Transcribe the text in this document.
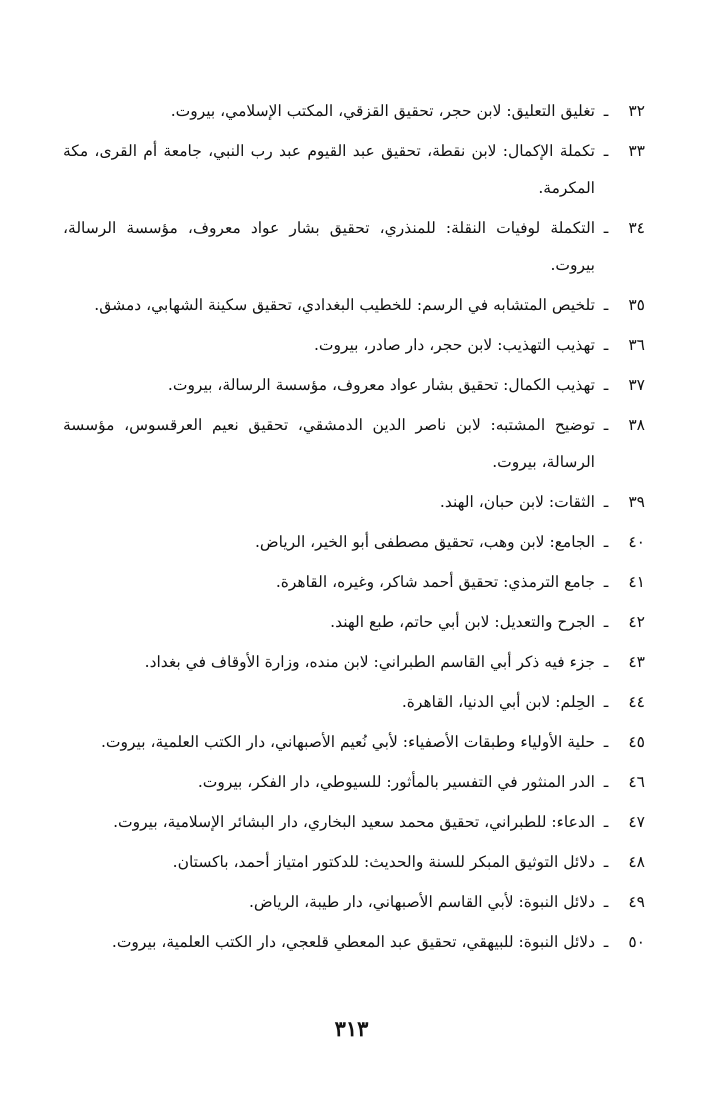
٣٢
ـ
تغليق التعليق: لابن حجر، تحقيق القزقي، المكتب الإسلامي، بيروت.
٣٣
ـ
تكملة الإكمال: لابن نقطة، تحقيق عبد القيوم عبد رب النبي، جامعة أم القرى، مكة المكرمة.
٣٤
ـ
التكملة لوفيات النقلة: للمنذري، تحقيق بشار عواد معروف، مؤسسة الرسالة، بيروت.
٣٥
ـ
تلخيص المتشابه في الرسم: للخطيب البغدادي، تحقيق سكينة الشهابي، دمشق.
٣٦
ـ
تهذيب التهذيب: لابن حجر، دار صادر، بيروت.
٣٧
ـ
تهذيب الكمال: تحقيق بشار عواد معروف، مؤسسة الرسالة، بيروت.
٣٨
ـ
توضيح المشتبه: لابن ناصر الدين الدمشقي، تحقيق نعيم العرقسوس، مؤسسة الرسالة، بيروت.
٣٩
ـ
الثقات: لابن حبان، الهند.
٤٠
ـ
الجامع: لابن وهب، تحقيق مصطفى أبو الخير، الرياض.
٤١
ـ
جامع الترمذي: تحقيق أحمد شاكر، وغيره، القاهرة.
٤٢
ـ
الجرح والتعديل: لابن أبي حاتم، طبع الهند.
٤٣
ـ
جزء فيه ذكر أبي القاسم الطبراني: لابن منده، وزارة الأوقاف في بغداد.
٤٤
ـ
الحِلم: لابن أبي الدنيا، القاهرة.
٤٥
ـ
حلية الأولياء وطبقات الأصفياء: لأبي نُعيم الأصبهاني، دار الكتب العلمية، بيروت.
٤٦
ـ
الدر المنثور في التفسير بالمأثور: للسيوطي، دار الفكر، بيروت.
٤٧
ـ
الدعاء: للطبراني، تحقيق محمد سعيد البخاري، دار البشائر الإسلامية، بيروت.
٤٨
ـ
دلائل التوثيق المبكر للسنة والحديث: للدكتور امتياز أحمد، باكستان.
٤٩
ـ
دلائل النبوة: لأبي القاسم الأصبهاني، دار طيبة، الرياض.
٥٠
ـ
دلائل النبوة: للبيهقي، تحقيق عبد المعطي قلعجي، دار الكتب العلمية، بيروت.
٣١٣
